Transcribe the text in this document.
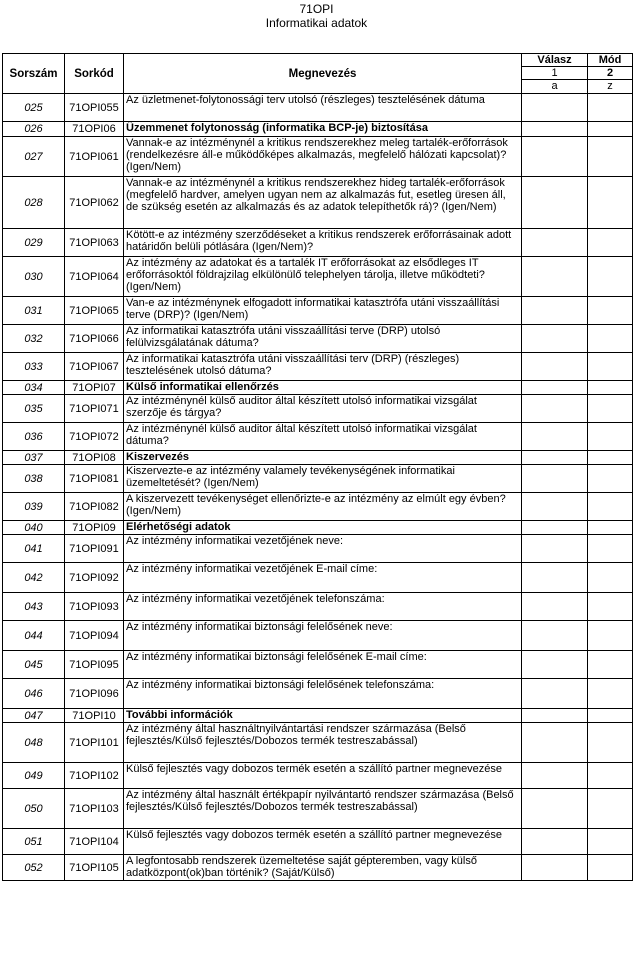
71OPI
Informatikai adatok
Sorszám	Sorkód	Megnevezés	Válasz	Mód
			1	2
			a	z
025	71OPI055	Az üzletmenet-folytonossági terv utolsó (részleges) tesztelésének dátuma		
026	71OPI06	Üzemmenet folytonosság (informatika BCP-je) biztosítása		
027	71OPI061	Vannak-e az intézménynél a kritikus rendszerekhez meleg tartalék-erőforrások (rendelkezésre áll-e működőképes alkalmazás, megfelelő hálózati kapcsolat)? (Igen/Nem)		
028	71OPI062	Vannak-e az intézménynél a kritikus rendszerekhez hideg tartalék-erőforrások (megfelelő hardver, amelyen ugyan nem az alkalmazás fut, esetleg üresen áll, de szükség esetén az alkalmazás és az adatok telepíthetők rá)? (Igen/Nem)		
029	71OPI063	Kötött-e az intézmény szerződéseket a kritikus rendszerek erőforrásainak adott határidőn belüli pótlására (Igen/Nem)?		
030	71OPI064	Az intézmény az adatokat és a tartalék IT erőforrásokat az elsődleges IT erőforrásoktól földrajzilag elkülönülő telephelyen tárolja, illetve működteti? (Igen/Nem)		
031	71OPI065	Van-e az intézménynek elfogadott informatikai katasztrófa utáni visszaállítási terve (DRP)? (Igen/Nem)		
032	71OPI066	Az informatikai katasztrófa utáni visszaállítási terve (DRP) utolsó felülvizsgálatának dátuma?		
033	71OPI067	Az informatikai katasztrófa utáni visszaállítási terv (DRP) (részleges) tesztelésének utolsó dátuma?		
034	71OPI07	Külső informatikai ellenőrzés		
035	71OPI071	Az intézménynél külső auditor által készített utolsó informatikai vizsgálat szerzője és tárgya?		
036	71OPI072	Az intézménynél külső auditor által készített utolsó informatikai vizsgálat dátuma?		
037	71OPI08	Kiszervezés		
038	71OPI081	Kiszervezte-e az intézmény valamely tevékenységének informatikai üzemeltetését? (Igen/Nem)		
039	71OPI082	A kiszervezett tevékenységet ellenőrizte-e az intézmény az elmúlt egy évben? (Igen/Nem)		
040	71OPI09	Elérhetőségi adatok		
041	71OPI091	Az intézmény informatikai vezetőjének neve:		
042	71OPI092	Az intézmény informatikai vezetőjének E-mail címe:		
043	71OPI093	Az intézmény informatikai vezetőjének telefonszáma:		
044	71OPI094	Az intézmény informatikai biztonsági felelősének neve:		
045	71OPI095	Az intézmény informatikai biztonsági felelősének E-mail címe:		
046	71OPI096	Az intézmény informatikai biztonsági felelősének telefonszáma:		
047	71OPI10	További információk		
048	71OPI101	Az intézmény által használtnyilvántartási rendszer származása (Belső fejlesztés/Külső fejlesztés/Dobozos termék testreszabással)		
049	71OPI102	Külső fejlesztés vagy dobozos termék esetén a szállító partner megnevezése		
050	71OPI103	Az intézmény által használt értékpapír nyilvántartó rendszer származása (Belső fejlesztés/Külső fejlesztés/Dobozos termék testreszabással)		
051	71OPI104	Külső fejlesztés vagy dobozos termék esetén a szállító partner megnevezése		
052	71OPI105	A legfontosabb rendszerek üzemeltetése saját gépteremben, vagy külső adatközpont(ok)ban történik? (Saját/Külső)		
